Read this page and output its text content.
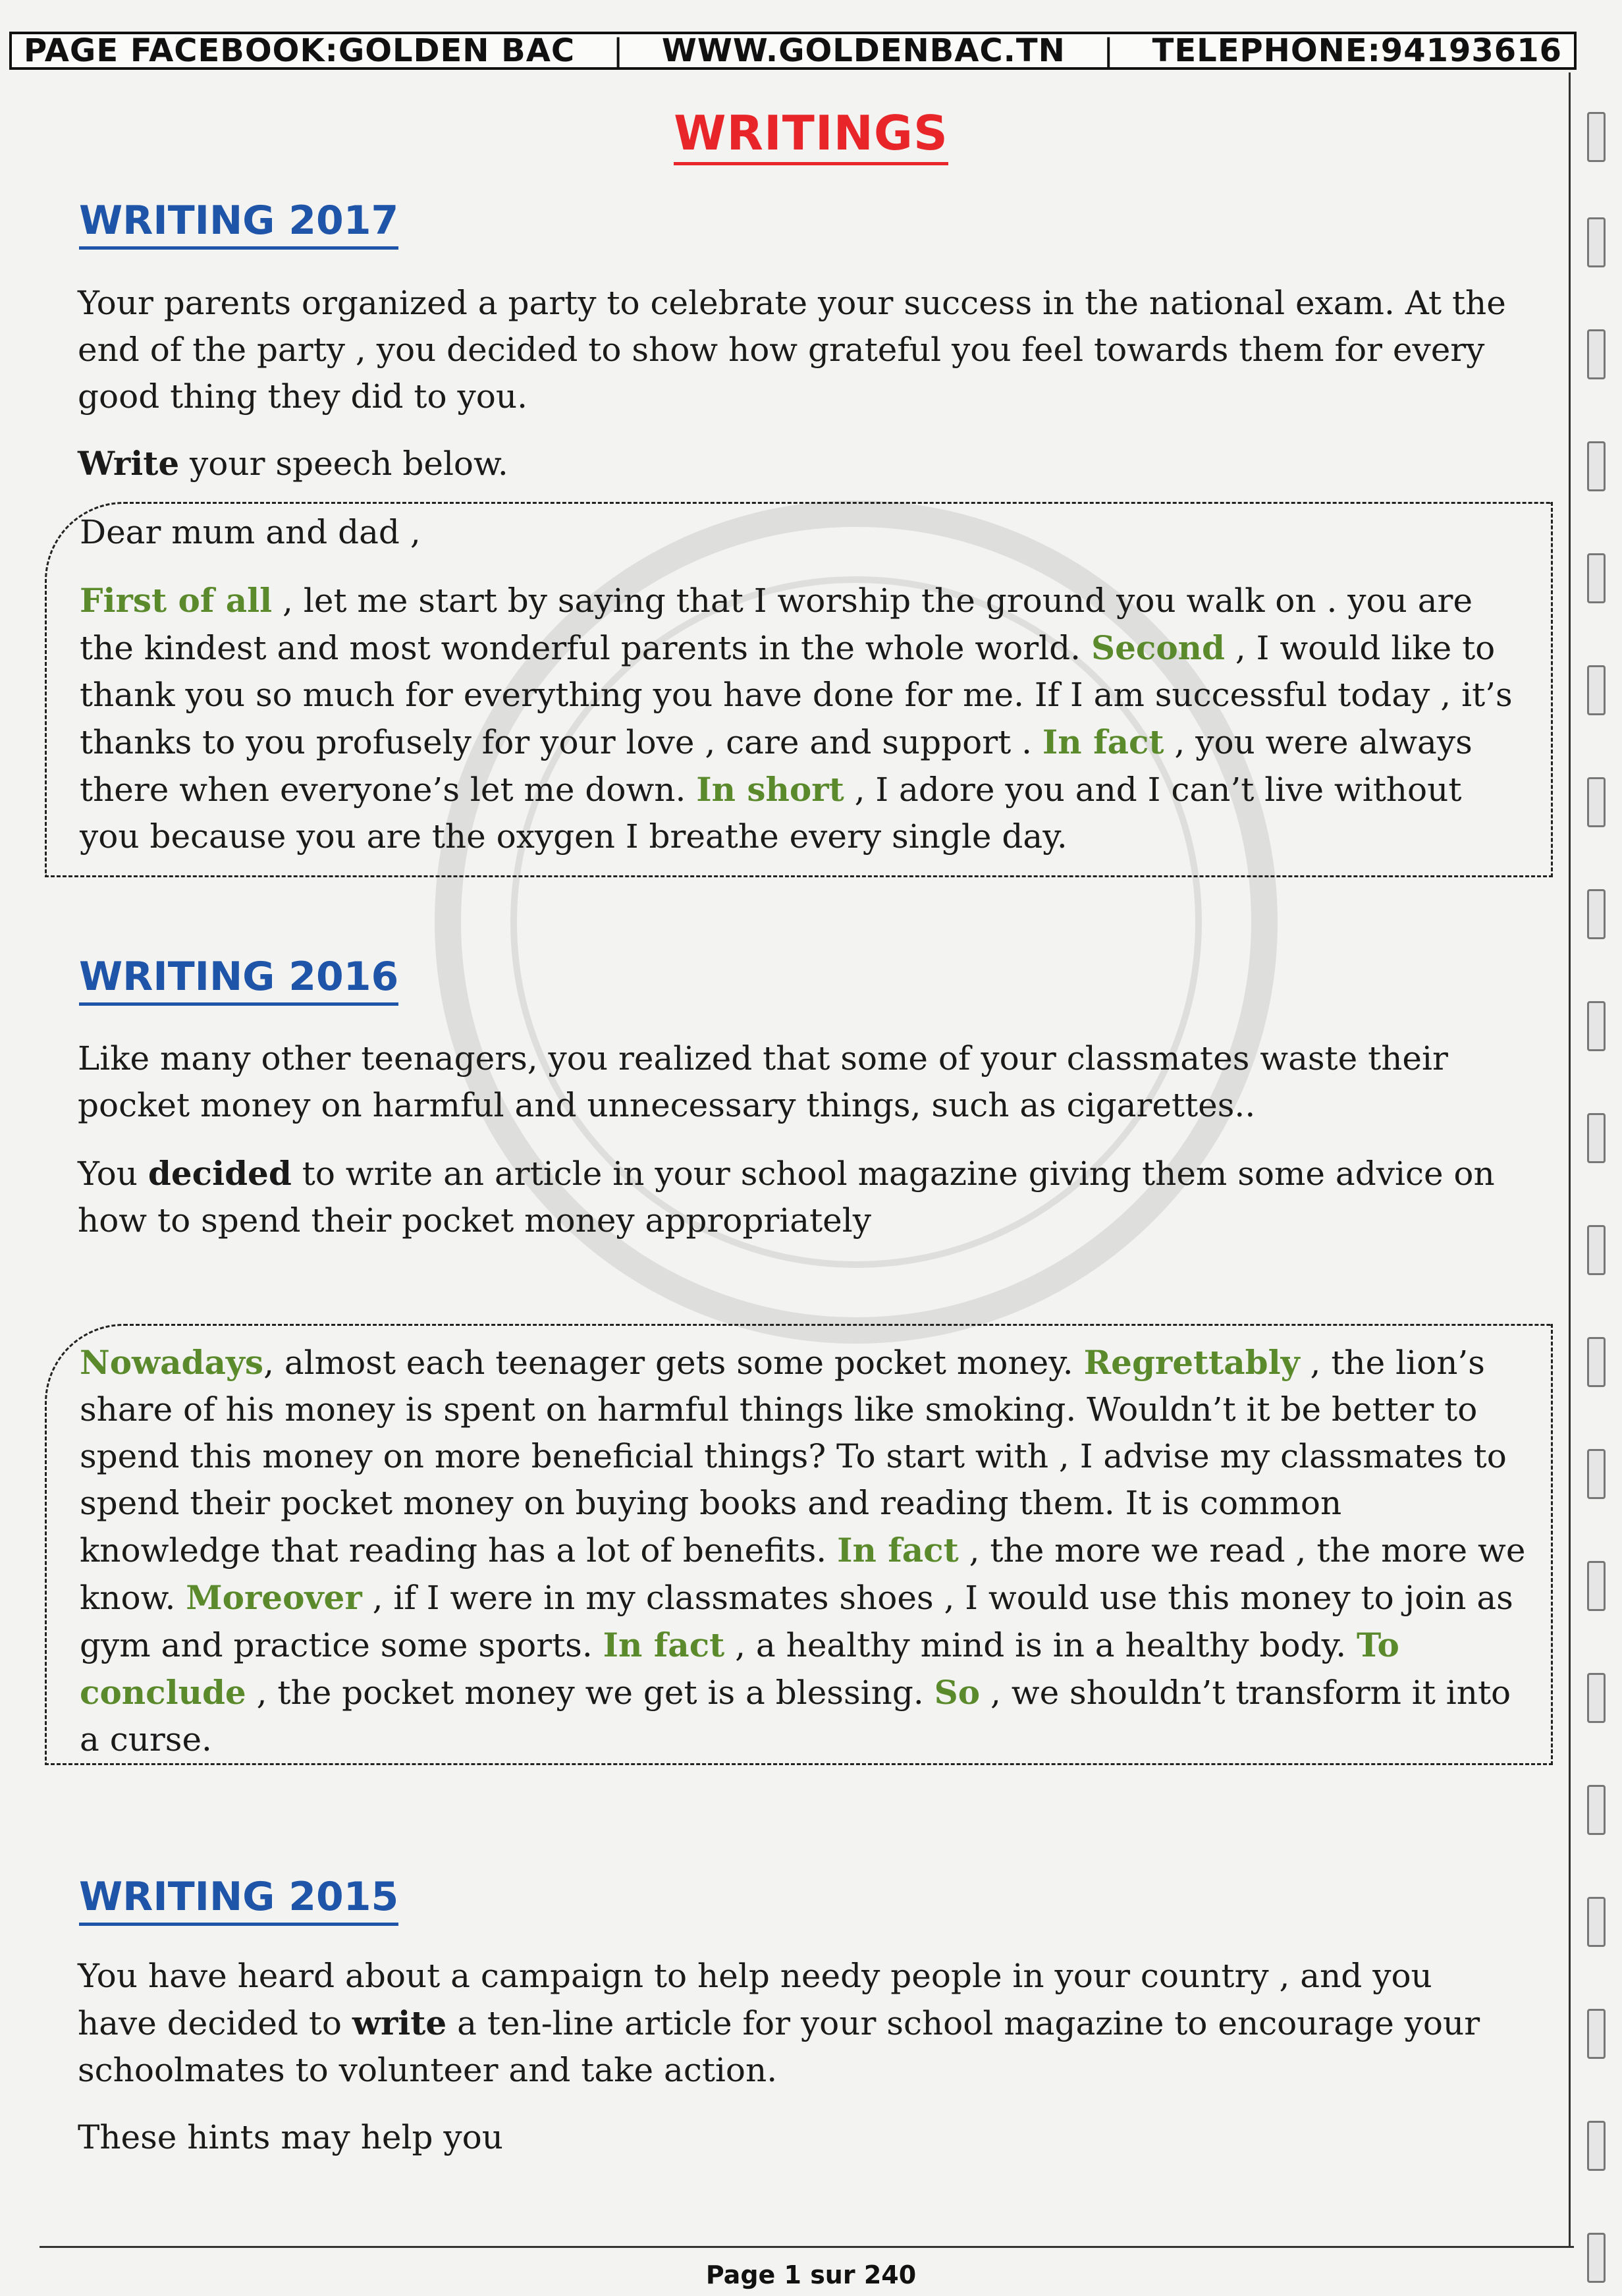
PAGE FACEBOOK:GOLDEN BAC | WWW.GOLDENBAC.TN | TELEPHONE:94193616
WRITINGS
WRITING 2017
Your parents organized a party to celebrate your success in the national exam. At the end of the party , you decided to show how grateful you feel towards them for every good thing they did to you.
Write your speech below.
Dear mum and dad ,
First of all , let me start by saying that I worship the ground you walk on . you are the kindest and most wonderful parents in the whole world. Second , I would like to thank you so much for everything you have done for me. If I am successful today , it’s thanks to you profusely for your love , care and support . In fact , you were always there when everyone’s let me down. In short , I adore you and I can’t live without you because you are the oxygen I breathe every single day.
WRITING 2016
Like many other teenagers, you realized that some of your classmates waste their pocket money on harmful and unnecessary things, such as cigarettes..
You decided to write an article in your school magazine giving them some advice on how to spend their pocket money appropriately
Nowadays, almost each teenager gets some pocket money. Regrettably , the lion’s share of his money is spent on harmful things like smoking. Wouldn’t it be better to spend this money on more beneficial things? To start with , I advise my classmates to spend their pocket money on buying books and reading them. It is common knowledge that reading has a lot of benefits. In fact , the more we read , the more we know. Moreover , if I were in my classmates shoes , I would use this money to join as gym and practice some sports. In fact , a healthy mind is in a healthy body. To conclude , the pocket money we get is a blessing. So , we shouldn’t transform it into a curse.
WRITING 2015
You have heard about a campaign to help needy people in your country , and you have decided to write a ten-line article for your school magazine to encourage your schoolmates to volunteer and take action.
These hints may help you
Page 1 sur 240
